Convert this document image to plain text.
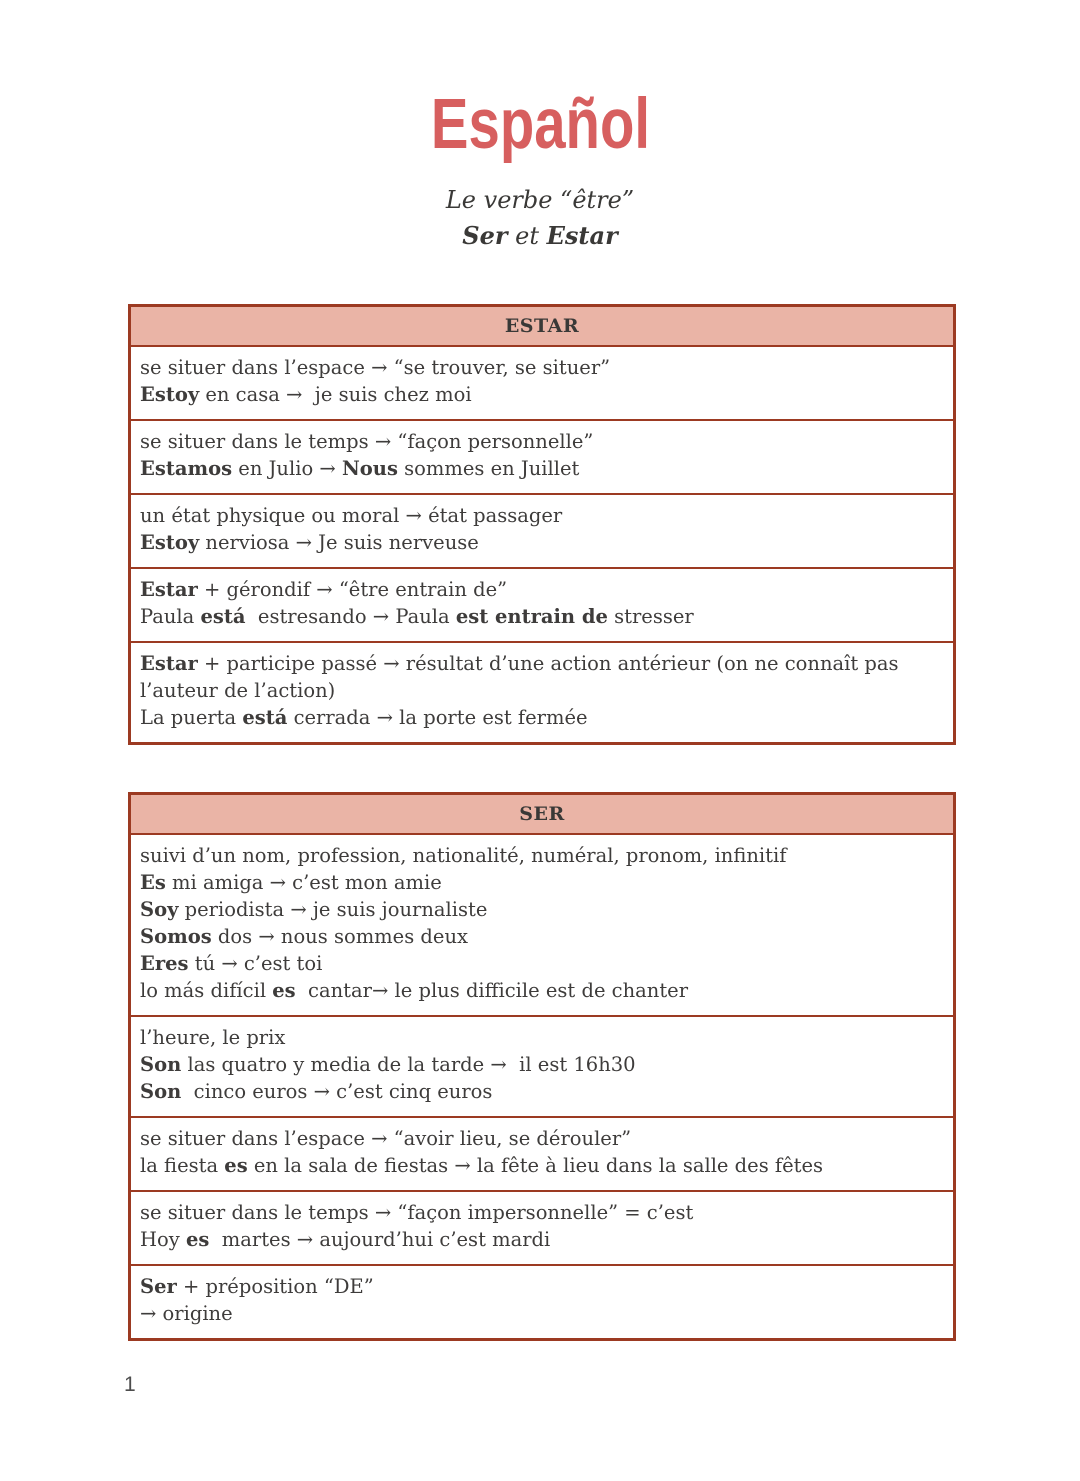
Español
Le verbe “être”
Ser et Estar
ESTAR

se situer dans l’espace → “se trouver, se situer”
Estoy en casa →  je suis chez moi

se situer dans le temps → “façon personnelle”
Estamos en Julio → Nous sommes en Juillet

un état physique ou moral → état passager
Estoy nerviosa → Je suis nerveuse

Estar + gérondif → “être entrain de”
Paula está  estresando → Paula est entrain de stresser

Estar + participe passé → résultat d’une action antérieur (on ne connaît pas l’auteur de l’action)
La puerta está cerrada → la porte est fermée
SER

suivi d’un nom, profession, nationalité, numéral, pronom, infinitif
Es mi amiga → c’est mon amie
Soy periodista → je suis journaliste
Somos dos → nous sommes deux
Eres tú → c’est toi
lo más difícil es  cantar→ le plus difficile est de chanter

l’heure, le prix
Son las quatro y media de la tarde →  il est 16h30
Son  cinco euros → c’est cinq euros

se situer dans l’espace → “avoir lieu, se dérouler”
la fiesta es en la sala de fiestas → la fête à lieu dans la salle des fêtes

se situer dans le temps → “façon impersonnelle” = c’est
Hoy es  martes → aujourd’hui c’est mardi

Ser + préposition “DE”
→ origine
1
